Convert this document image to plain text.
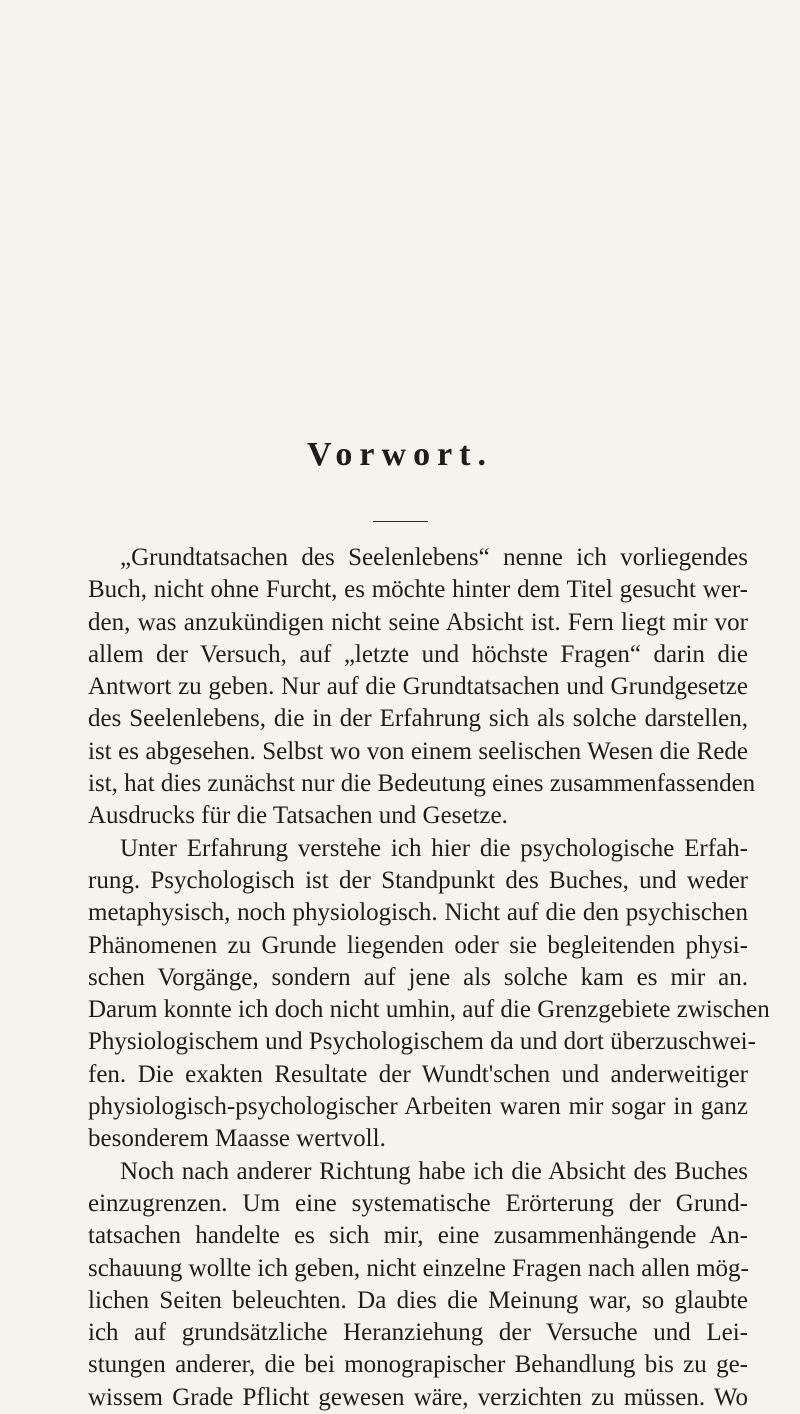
Vorwort.
„Grundtatsachen des Seelenlebens“ nenne ich vorliegendes
Buch, nicht ohne Furcht, es möchte hinter dem Titel gesucht wer-
den, was anzukündigen nicht seine Absicht ist. Fern liegt mir vor
allem der Versuch, auf „letzte und höchste Fragen“ darin die
Antwort zu geben. Nur auf die Grundtatsachen und Grundgesetze
des Seelenlebens, die in der Erfahrung sich als solche darstellen,
ist es abgesehen. Selbst wo von einem seelischen Wesen die Rede
ist, hat dies zunächst nur die Bedeutung eines zusammenfassenden
Ausdrucks für die Tatsachen und Gesetze.
Unter Erfahrung verstehe ich hier die psychologische Erfah-
rung. Psychologisch ist der Standpunkt des Buches, und weder
metaphysisch, noch physiologisch. Nicht auf die den psychischen
Phänomenen zu Grunde liegenden oder sie begleitenden physi-
schen Vorgänge, sondern auf jene als solche kam es mir an.
Darum konnte ich doch nicht umhin, auf die Grenzgebiete zwischen
Physiologischem und Psychologischem da und dort überzuschwei-
fen. Die exakten Resultate der Wundt'schen und anderweitiger
physiologisch-psychologischer Arbeiten waren mir sogar in ganz
besonderem Maasse wertvoll.
Noch nach anderer Richtung habe ich die Absicht des Buches
einzugrenzen. Um eine systematische Erörterung der Grund-
tatsachen handelte es sich mir, eine zusammenhängende An-
schauung wollte ich geben, nicht einzelne Fragen nach allen mög-
lichen Seiten beleuchten. Da dies die Meinung war, so glaubte
ich auf grundsätzliche Heranziehung der Versuche und Lei-
stungen anderer, die bei monograpischer Behandlung bis zu ge-
wissem Grade Pflicht gewesen wäre, verzichten zu müssen. Wo
